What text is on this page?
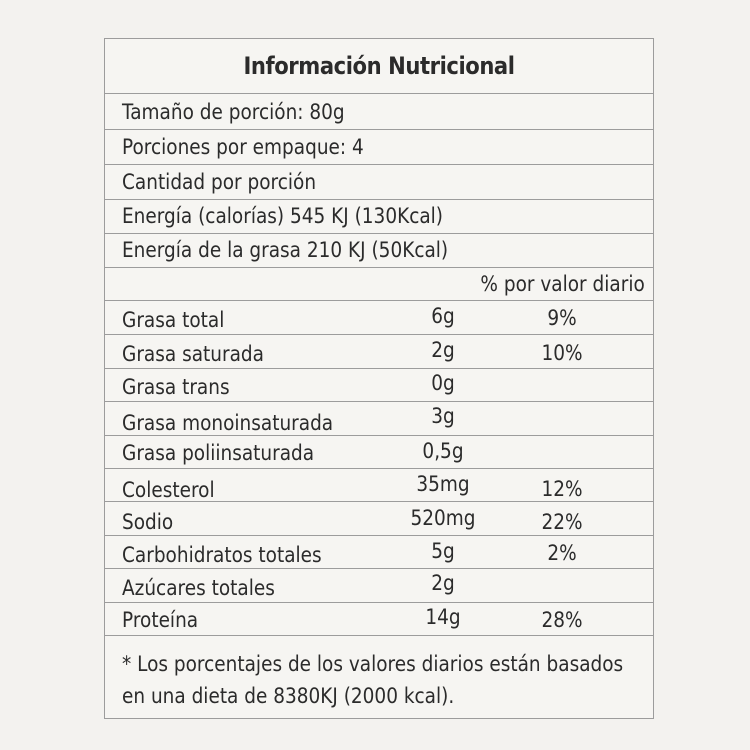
Información Nutricional
Tamaño de porción: 80g
Porciones por empaque: 4
Cantidad por porción
Energía (calorías) 545 KJ (130Kcal)
Energía de la grasa 210 KJ (50Kcal)
% por valor diario
Grasa total	6g	9%
Grasa saturada	2g	10%
Grasa trans	0g
Grasa monoinsaturada	3g
Grasa poliinsaturada	0,5g
Colesterol	35mg	12%
Sodio	520mg	22%
Carbohidratos totales	5g	2%
Azúcares totales	2g
Proteína	14g	28%
* Los porcentajes de los valores diarios están basados
en una dieta de 8380KJ (2000 kcal).
